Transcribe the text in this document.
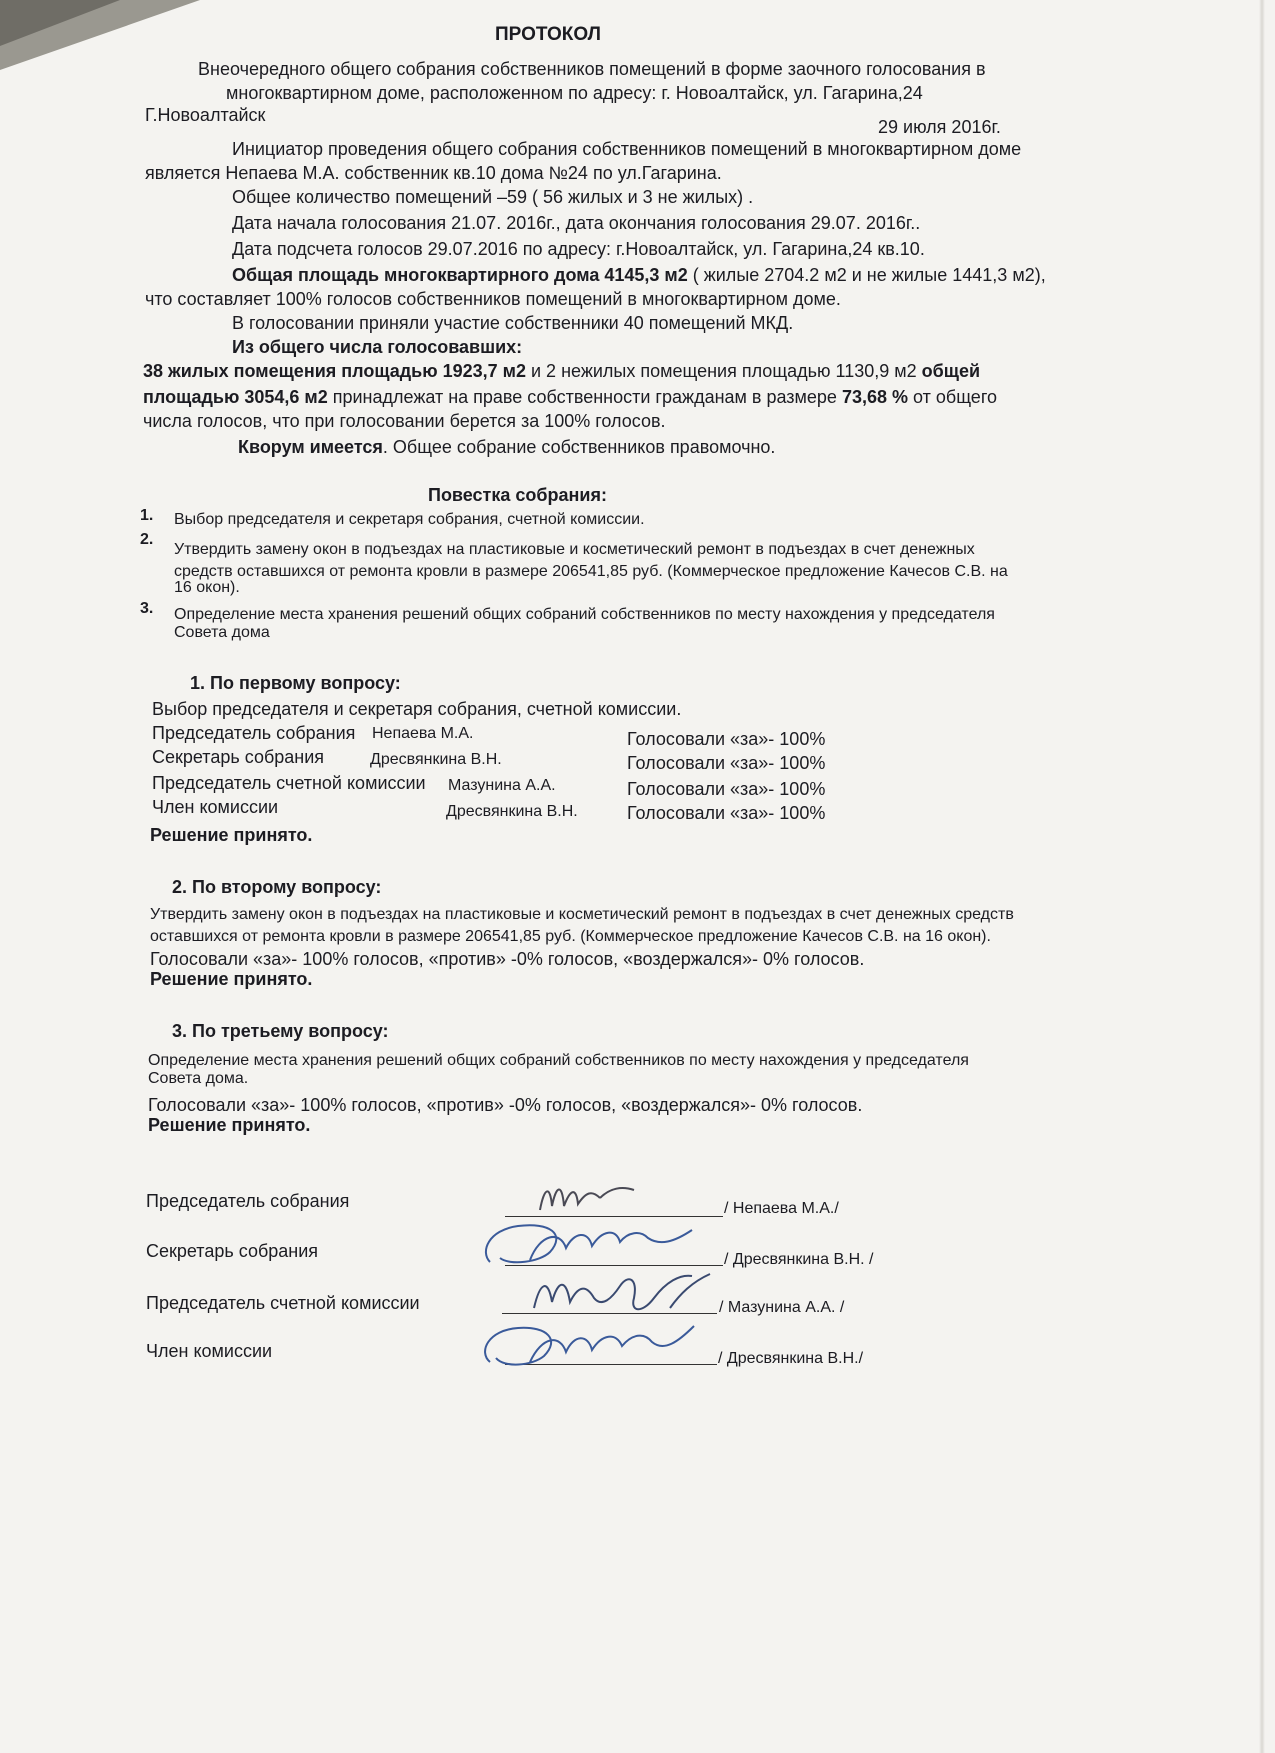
ПРОТОКОЛ
Внеочередного общего собрания собственников помещений в форме заочного голосования в
многоквартирном доме, расположенном по адресу: г. Новоалтайск, ул. Гагарина,24
Г.Новоалтайск
29 июля 2016г.
Инициатор проведения общего собрания собственников помещений в многоквартирном доме
является Непаева М.А. собственник кв.10 дома №24 по ул.Гагарина.
Общее количество помещений –59 ( 56 жилых и 3 не жилых) .
Дата начала голосования 21.07. 2016г., дата окончания голосования 29.07. 2016г..
Дата подсчета голосов 29.07.2016 по адресу: г.Новоалтайск, ул. Гагарина,24 кв.10.
Общая площадь многоквартирного дома 4145,3 м2 ( жилые 2704.2 м2 и не жилые 1441,3 м2),
что составляет 100% голосов собственников помещений в многоквартирном доме.
В голосовании приняли участие собственники 40 помещений МКД.
Из общего числа голосовавших:
38 жилых помещения площадью 1923,7 м2 и 2 нежилых помещения площадью 1130,9 м2 общей
площадью 3054,6 м2 принадлежат на праве собственности гражданам в размере 73,68 % от общего
числа голосов, что при голосовании берется за 100% голосов.
Кворум имеется. Общее собрание собственников правомочно.
Повестка собрания:
1. Выбор председателя и секретаря собрания, счетной комиссии.
2.
Утвердить замену окон в подъездах на пластиковые и косметический ремонт в подъездах в счет денежных
средств оставшихся от ремонта кровли в размере 206541,85 руб. (Коммерческое предложение Качесов С.В. на
16 окон).
3. Определение места хранения решений общих собраний собственников по месту нахождения у председателя
Совета дома
1. По первому вопросу:
Выбор председателя и секретаря собрания, счетной комиссии.
Председатель собрания Непаева М.А.	Голосовали «за»- 100%
Секретарь собрания	Дресвянкина В.Н.	Голосовали «за»- 100%
Председатель счетной комиссии Мазунина А.А.	Голосовали «за»- 100%
Член комиссии	Дресвянкина В.Н.	Голосовали «за»- 100%
Решение принято.
2. По второму вопросу:
Утвердить замену окон в подъездах на пластиковые и косметический ремонт в подъездах в счет денежных средств
оставшихся от ремонта кровли в размере 206541,85 руб. (Коммерческое предложение Качесов С.В. на 16 окон).
Голосовали «за»- 100% голосов, «против» -0% голосов, «воздержался»- 0% голосов.
Решение принято.
3. По третьему вопросу:
Определение места хранения решений общих собраний собственников по месту нахождения у председателя
Совета дома.
Голосовали «за»- 100% голосов, «против» -0% голосов, «воздержался»- 0% голосов.
Решение принято.
Председатель собрания	/ Непаева М.А./
Секретарь собрания	/ Дресвянкина В.Н. /
Председатель счетной комиссии	/ Мазунина А.А. /
Член комиссии	/ Дресвянкина В.Н./
